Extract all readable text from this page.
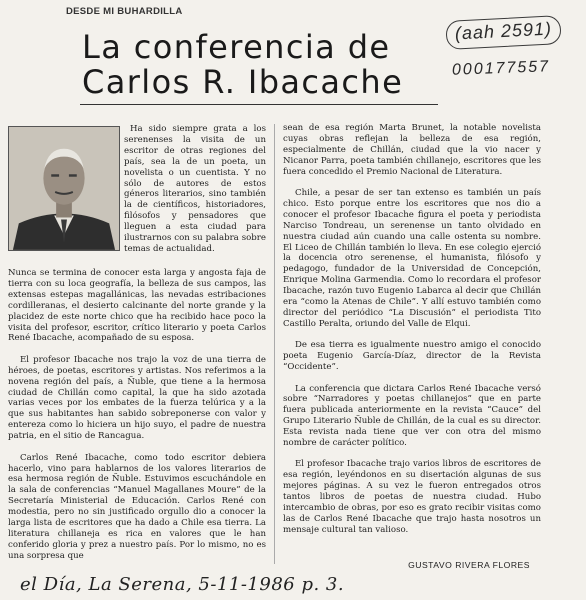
DESDE MI BUHARDILLA
(aah 2591)
000177557
La conferencia de
Carlos R. Ibacache

Ha sido siempre grata a los serenenses la visita de un escritor de otras regiones del país, sea la de un poeta, un novelista o un cuentista. Y no sólo de autores de estos géneros literarios, sino también la de científicos, historiadores, filósofos y pensadores que lleguen a esta ciudad para ilustrarnos con su palabra sobre temas de actualidad.

Nunca se termina de conocer esta larga y angosta faja de tierra con su loca geografía, la belleza de sus campos, las extensas estepas magallánicas, las nevadas estribaciones cordilleranas, el desierto calcinante del norte grande y la placidez de este norte chico que ha recibido hace poco la visita del profesor, escritor, crítico literario y poeta Carlos René Ibacache, acompañado de su esposa.

El profesor Ibacache nos trajo la voz de una tierra de héroes, de poetas, escritores y artistas. Nos referimos a la novena región del país, a Ñuble, que tiene a la hermosa ciudad de Chillán como capital, la que ha sido azotada varias veces por los embates de la fuerza telúrica y a la que sus habitantes han sabido sobreponerse con valor y entereza como lo hiciera un hijo suyo, el padre de nuestra patria, en el sitio de Rancagua.

Carlos René Ibacache, como todo escritor debiera hacerlo, vino para hablarnos de los valores literarios de esa hermosa región de Ñuble. Estuvimos escuchándole en la sala de conferencias “Manuel Magallanes Moure” de la Secretaría Ministerial de Educación. Carlos René con modestia, pero no sin justificado orgullo dio a conocer la larga lista de escritores que ha dado a Chile esa tierra. La literatura chillaneja es rica en valores que le han conferido gloria y prez a nuestro país. Por lo mismo, no es una sorpresa que

sean de esa región Marta Brunet, la notable novelista cuyas obras reflejan la belleza de esa región, especialmente de Chillán, ciudad que la vio nacer y Nicanor Parra, poeta también chillanejo, escritores que les fuera concedido el Premio Nacional de Literatura.

Chile, a pesar de ser tan extenso es también un país chico. Esto porque entre los escritores que nos dio a conocer el profesor Ibacache figura el poeta y periodista Narciso Tondreau, un serenense un tanto olvidado en nuestra ciudad aún cuando una calle ostenta su nombre. El Liceo de Chillán también lo lleva. En ese colegio ejerció la docencia otro serenense, el humanista, filósofo y pedagogo, fundador de la Universidad de Concepción, Enrique Molina Garmendia. Como lo recordara el profesor Ibacache, razón tuvo Eugenio Labarca al decir que Chillán era “como la Atenas de Chile”. Y allí estuvo también como director del periódico “La Discusión” el periodista Tito Castillo Peralta, oriundo del Valle de Elqui.

De esa tierra es igualmente nuestro amigo el conocido poeta Eugenio García-Díaz, director de la Revista “Occidente”.

La conferencia que dictara Carlos René Ibacache versó sobre “Narradores y poetas chillanejos” que en parte fuera publicada anteriormente en la revista “Cauce” del Grupo Literario Ñuble de Chillán, de la cual es su director. Esta revista nada tiene que ver con otra del mismo nombre de carácter político.

El profesor Ibacache trajo varios libros de escritores de esa región, leyéndonos en su disertación algunas de sus mejores páginas. A su vez le fueron entregados otros tantos libros de poetas de nuestra ciudad. Hubo intercambio de obras, por eso es grato recibir visitas como las de Carlos René Ibacache que trajo hasta nosotros un mensaje cultural tan valioso.

GUSTAVO RIVERA FLORES
el Día, La Serena, 5-11-1986 p. 3.
